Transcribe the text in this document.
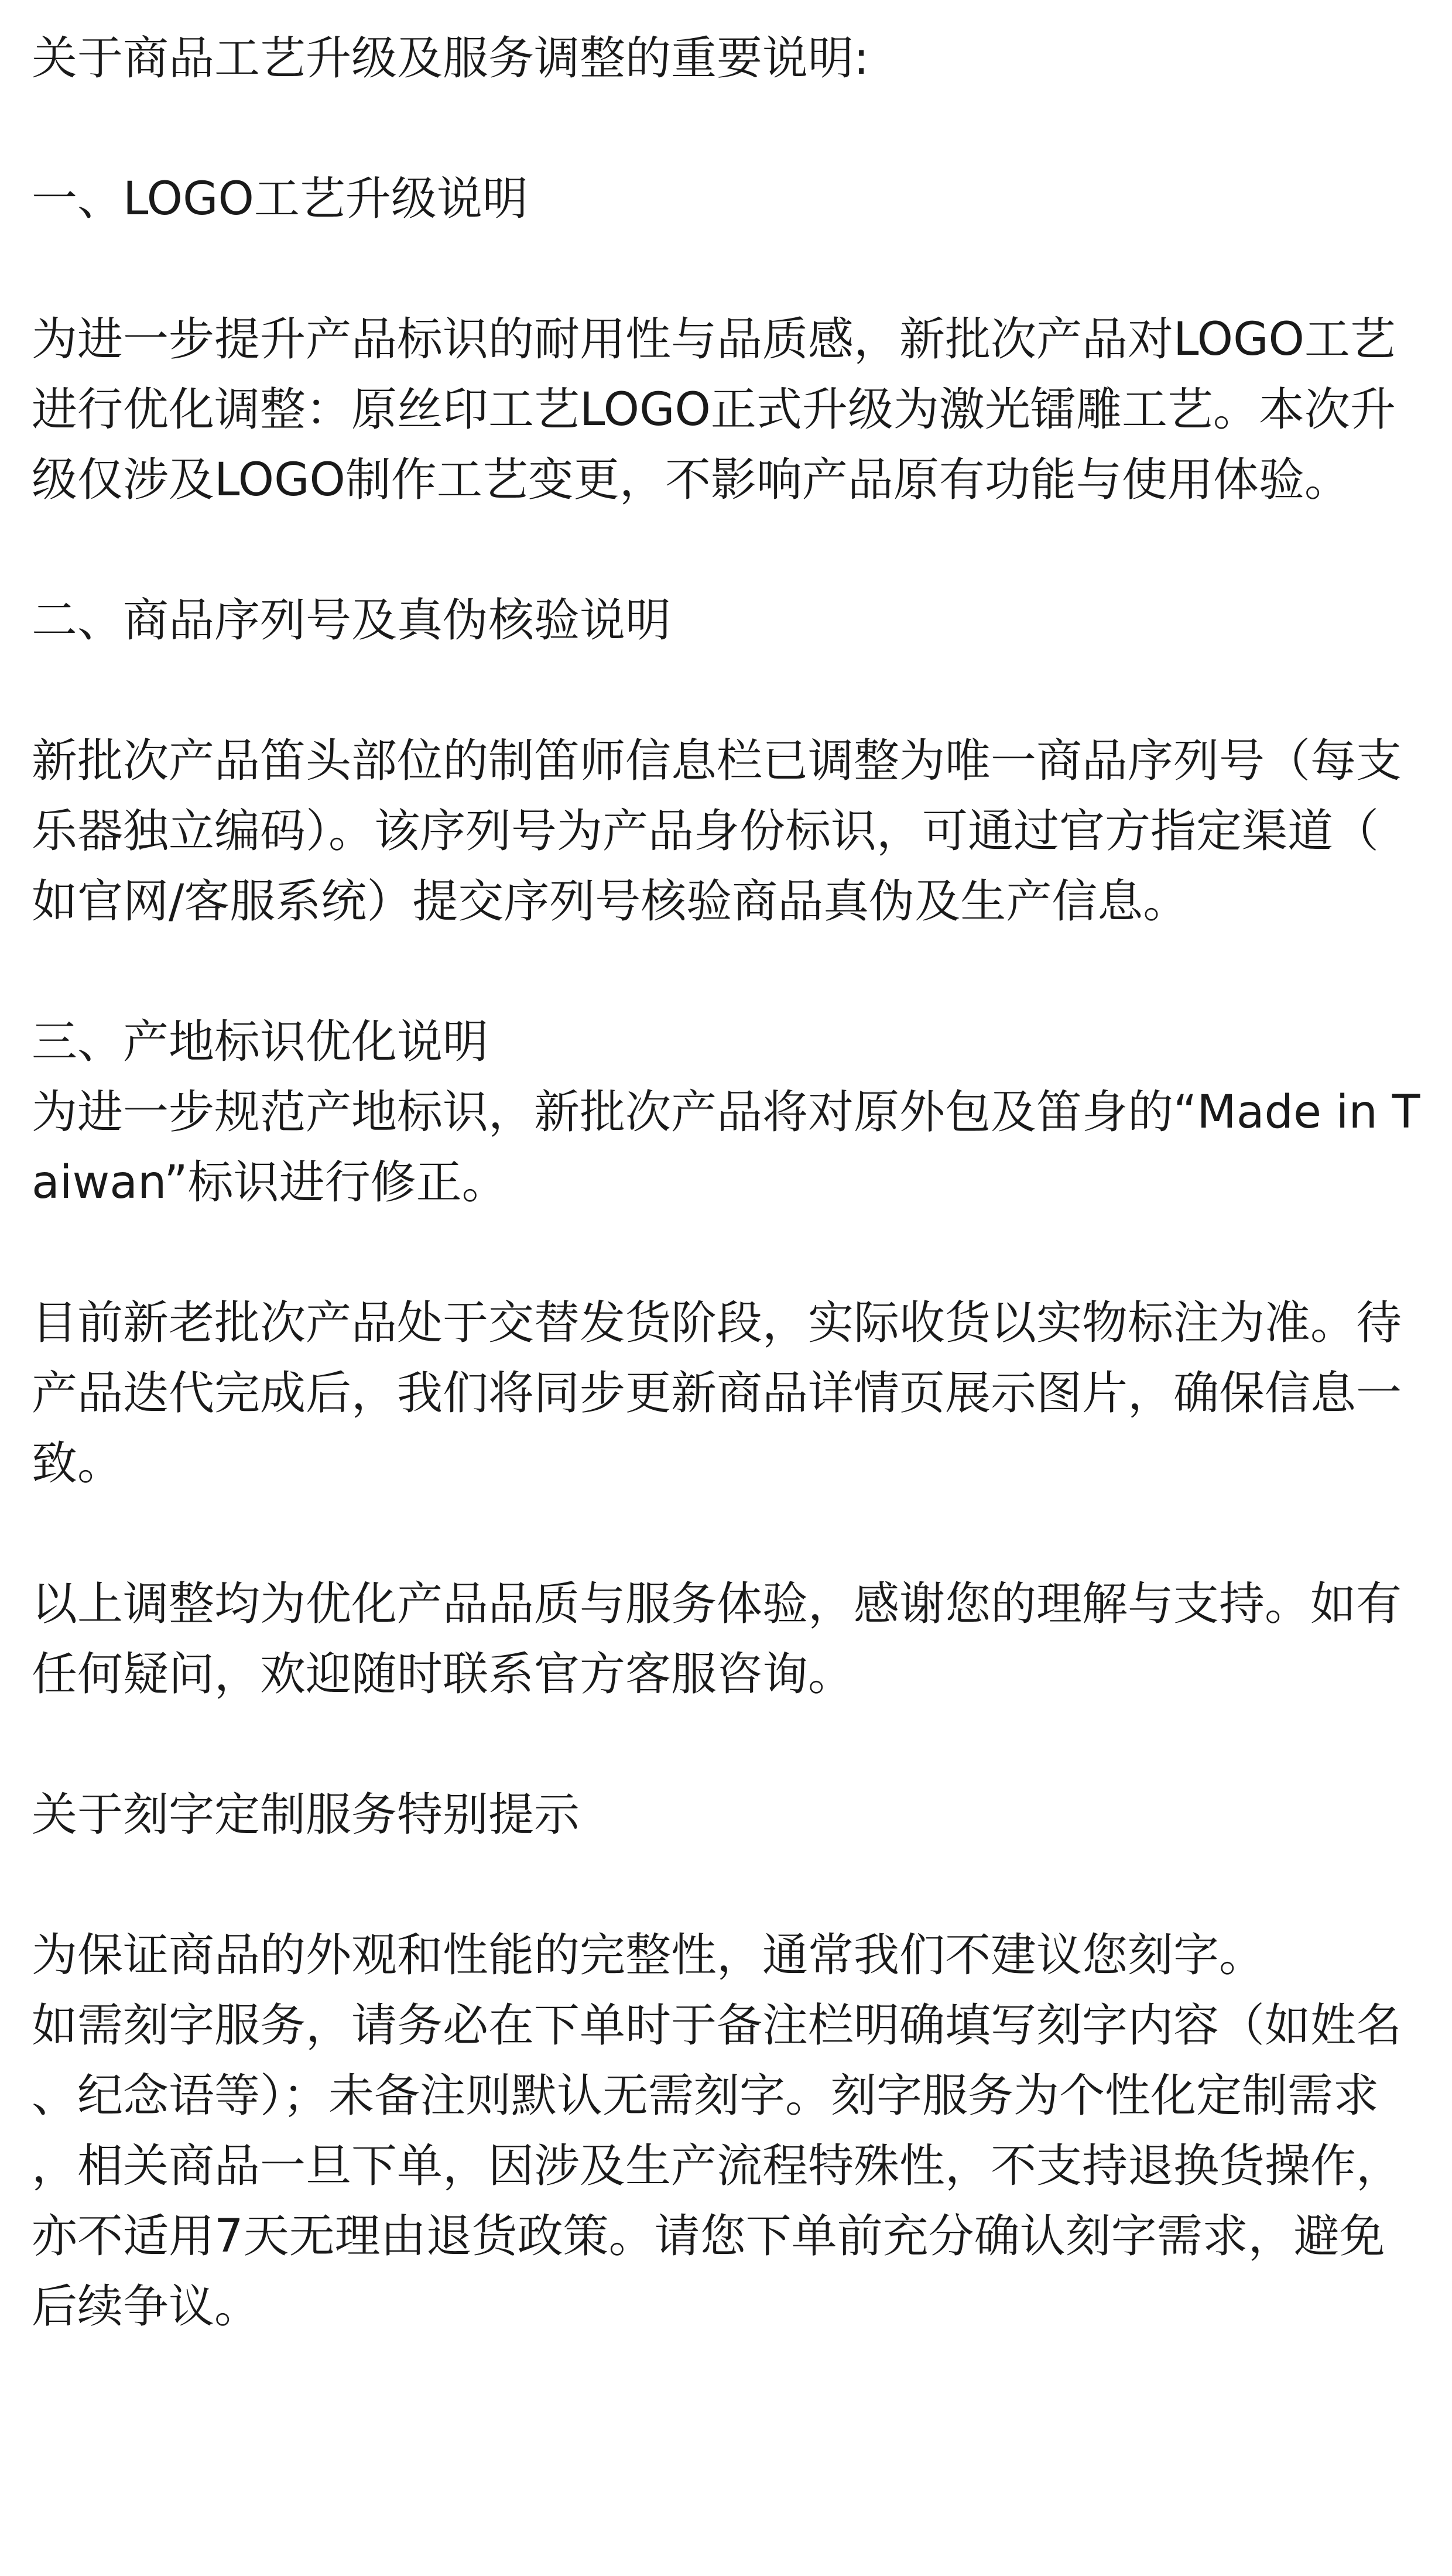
关于商品工艺升级及服务调整的重要说明:
一、LOGO工艺升级说明
为进一步提升产品标识的耐用性与品质感，新批次产品对LOGO工艺
进行优化调整：原丝印工艺LOGO正式升级为激光镭雕工艺。本次升
级仅涉及LOGO制作工艺变更，不影响产品原有功能与使用体验。
二、商品序列号及真伪核验说明
新批次产品笛头部位的制笛师信息栏已调整为唯一商品序列号（每支
乐器独立编码）。该序列号为产品身份标识，可通过官方指定渠道（
如官网/客服系统）提交序列号核验商品真伪及生产信息。
三、产地标识优化说明
为进一步规范产地标识，新批次产品将对原外包及笛身的“Made in T
aiwan”标识进行修正。
目前新老批次产品处于交替发货阶段，实际收货以实物标注为准。待
产品迭代完成后，我们将同步更新商品详情页展示图片，确保信息一
致。
以上调整均为优化产品品质与服务体验，感谢您的理解与支持。如有
任何疑问，欢迎随时联系官方客服咨询。
关于刻字定制服务特别提示
为保证商品的外观和性能的完整性，通常我们不建议您刻字。
如需刻字服务，请务必在下单时于备注栏明确填写刻字内容（如姓名
、纪念语等）；未备注则默认无需刻字。刻字服务为个性化定制需求
，相关商品一旦下单，因涉及生产流程特殊性，不支持退换货操作，
亦不适用7天无理由退货政策。请您下单前充分确认刻字需求，避免
后续争议。
